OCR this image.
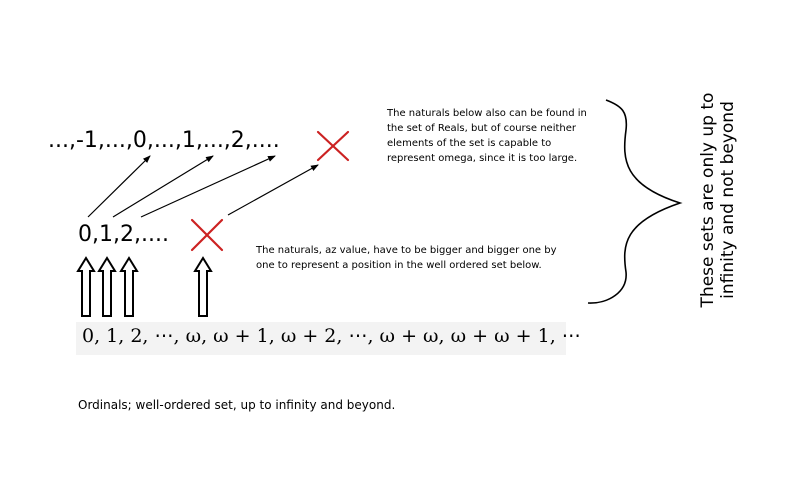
...,-1,...,0,...,1,...,2,....
0,1,2,....
The naturals below also can be found in the set of Reals, but of course neither elements of the set is capable to represent omega, since it is too large.
The naturals, az value, have to be bigger and bigger one by one to represent a position in the well ordered set below.
0, 1, 2, ⋯, ω, ω + 1, ω + 2, ⋯, ω + ω, ω + ω + 1, ⋯
Ordinals; well-ordered set, up to infinity and beyond.
These sets are only up to infinity and not beyond
